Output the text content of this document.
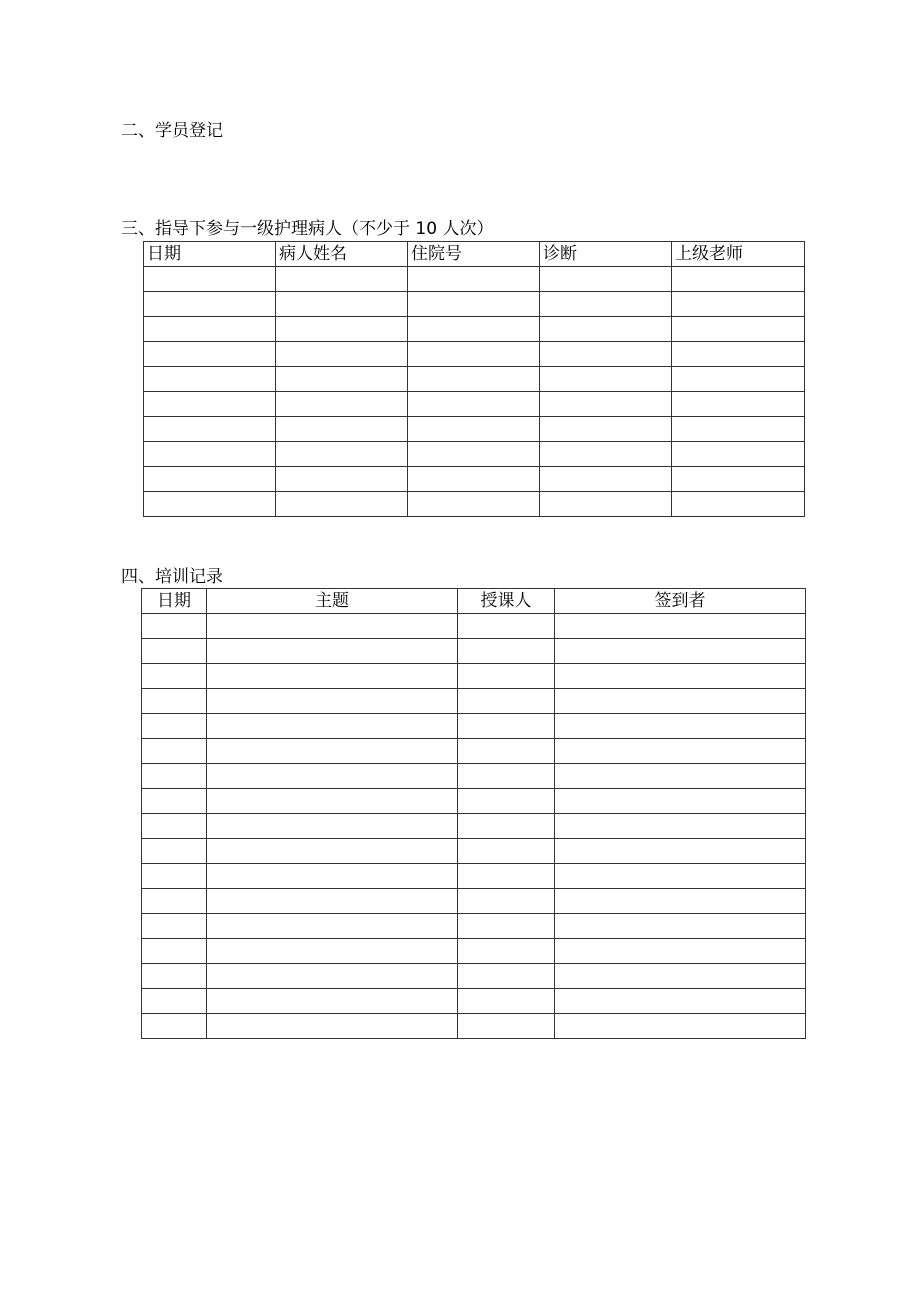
二、学员登记
三、指导下参与一级护理病人（不少于 10 人次）
日期	病人姓名	住院号	诊断	上级老师

四、培训记录
日期	主题	授课人	签到者
